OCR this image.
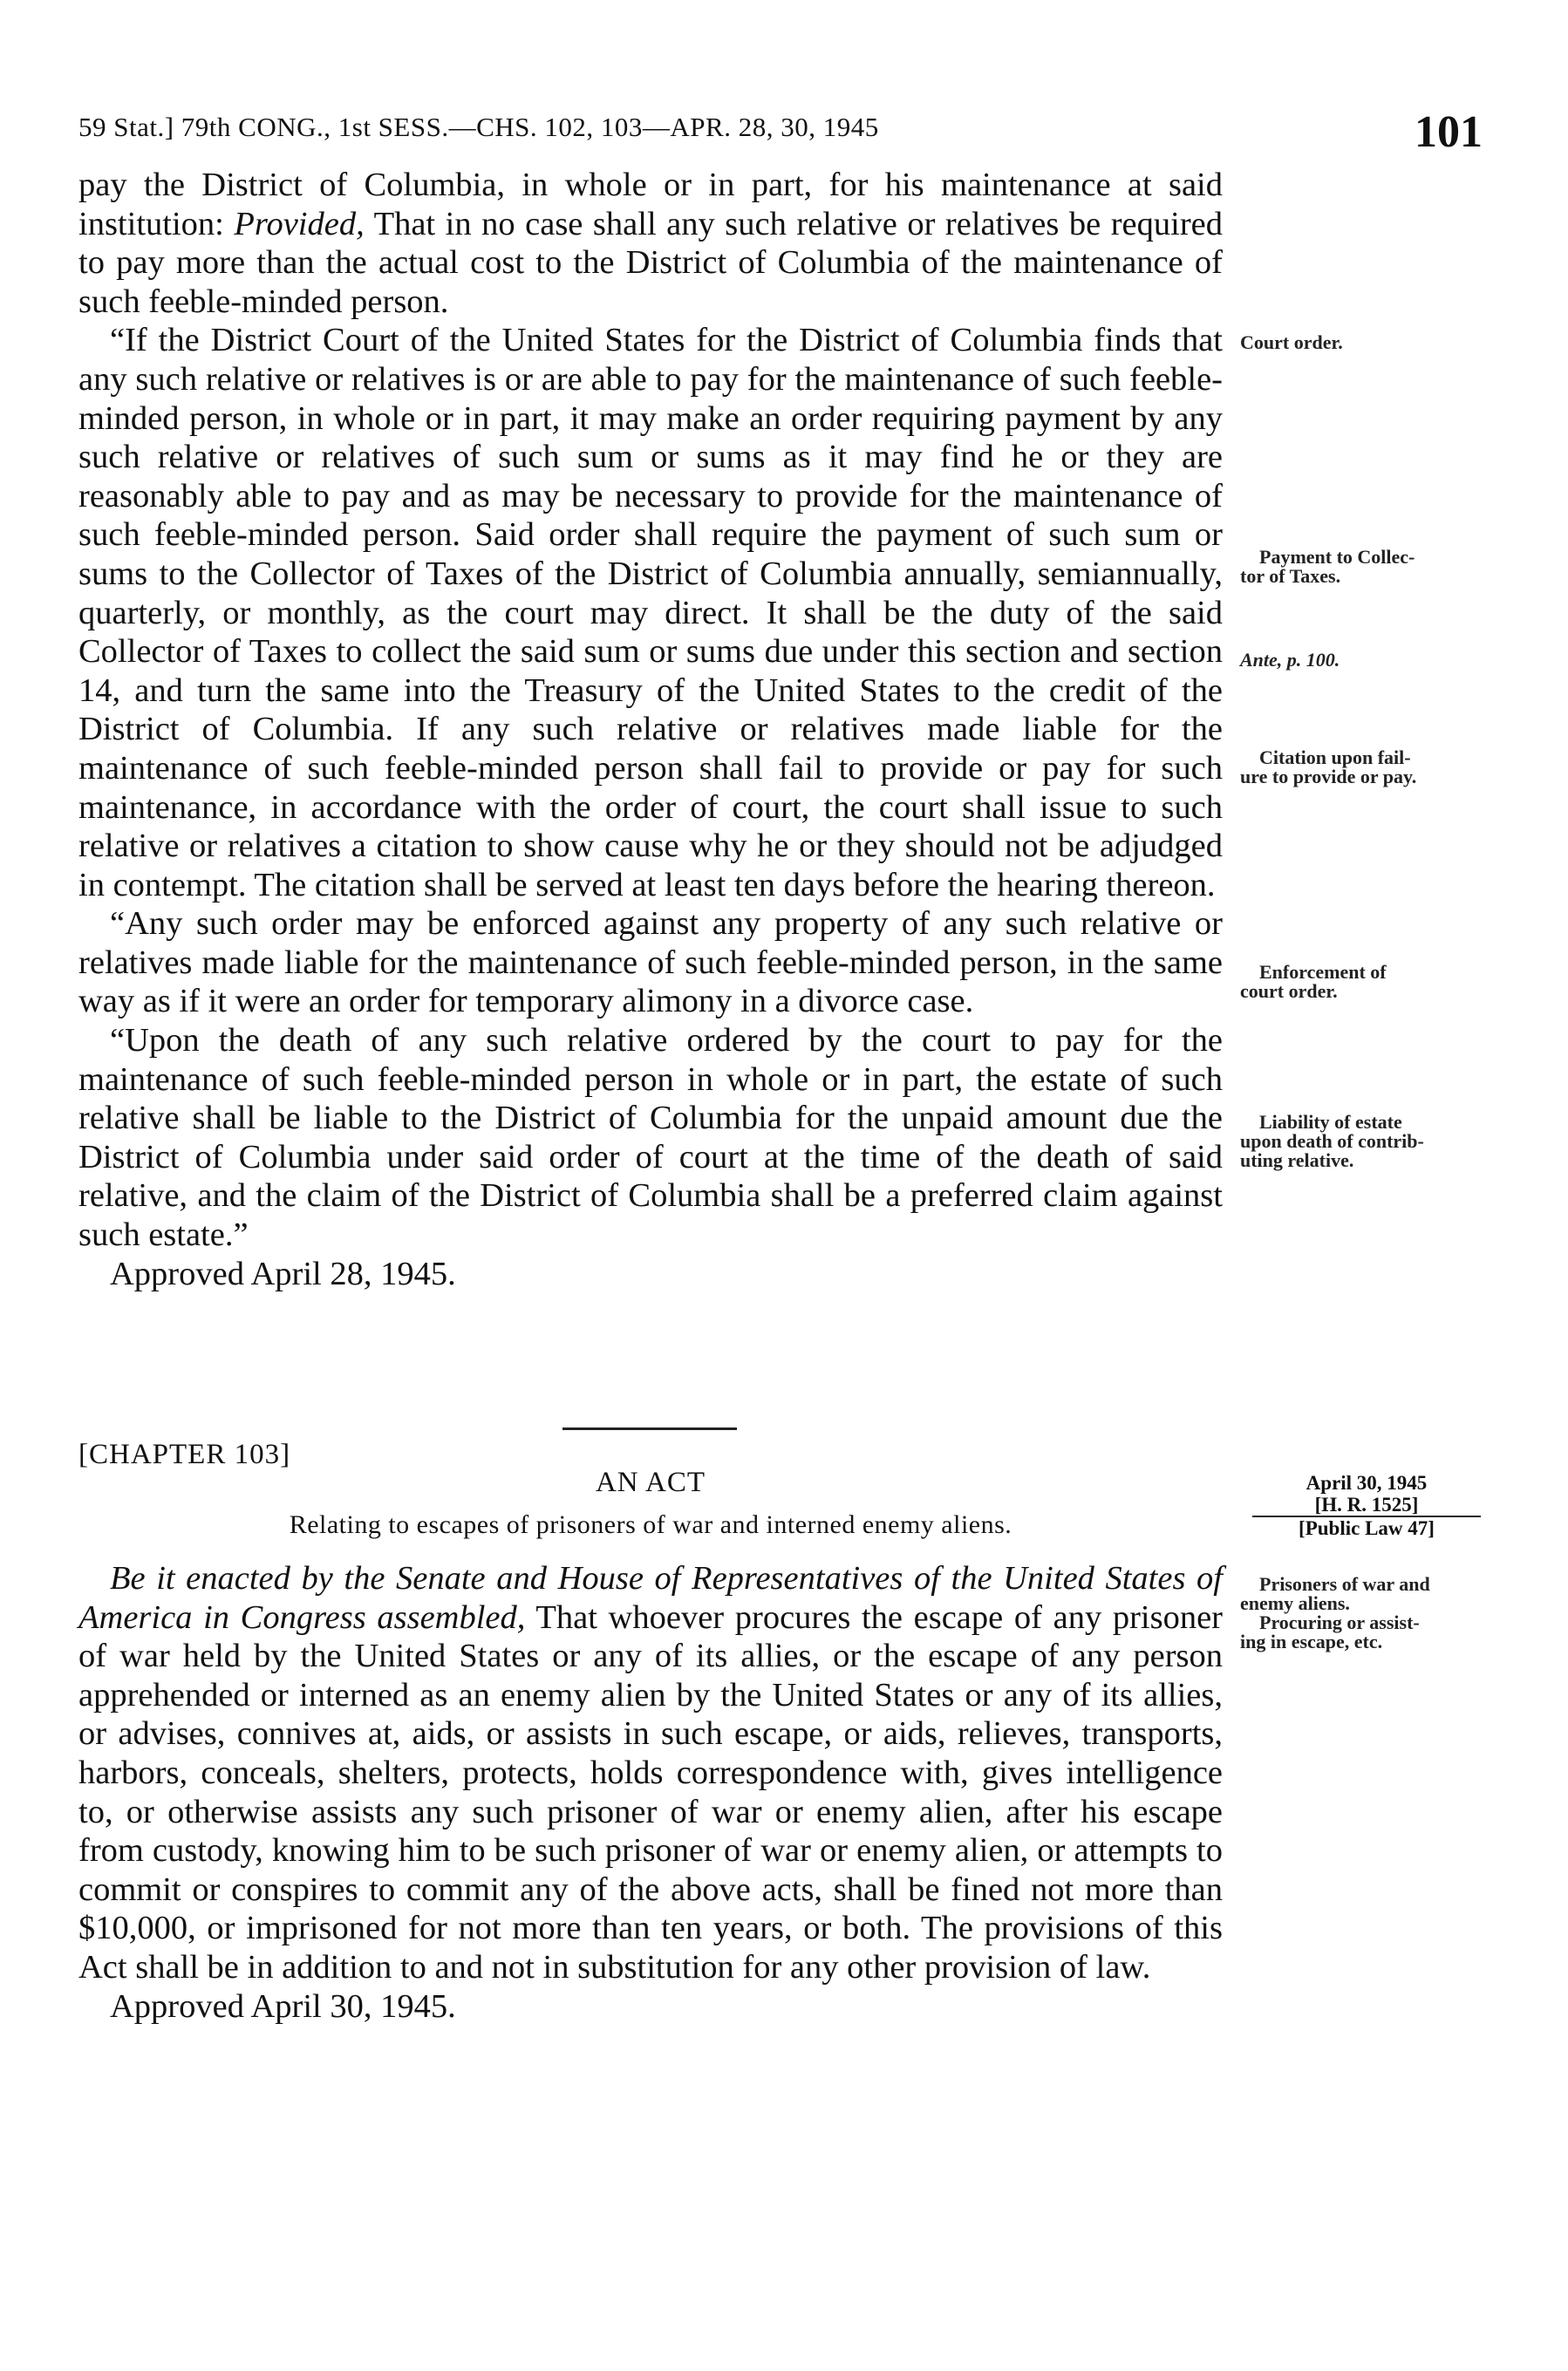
59 Stat.] 79th CONG., 1st SESS.—CHS. 102, 103—APR. 28, 30, 1945	101

pay the District of Columbia, in whole or in part, for his maintenance at said institution: Provided, That in no case shall any such relative or relatives be required to pay more than the actual cost to the District of Columbia of the maintenance of such feeble-minded person.

“If the District Court of the United States for the District of Columbia finds that any such relative or relatives is or are able to pay for the maintenance of such feeble-minded person, in whole or in part, it may make an order requiring payment by any such relative or relatives of such sum or sums as it may find he or they are reasonably able to pay and as may be necessary to provide for the maintenance of such feeble-minded person. Said order shall require the payment of such sum or sums to the Collector of Taxes of the District of Columbia annually, semiannually, quarterly, or monthly, as the court may direct. It shall be the duty of the said Collector of Taxes to collect the said sum or sums due under this section and section 14, and turn the same into the Treasury of the United States to the credit of the District of Columbia. If any such relative or relatives made liable for the maintenance of such feeble-minded person shall fail to provide or pay for such maintenance, in accordance with the order of court, the court shall issue to such relative or relatives a citation to show cause why he or they should not be adjudged in contempt. The citation shall be served at least ten days before the hearing thereon.

“Any such order may be enforced against any property of any such relative or relatives made liable for the maintenance of such feeble-minded person, in the same way as if it were an order for temporary alimony in a divorce case.

“Upon the death of any such relative ordered by the court to pay for the maintenance of such feeble-minded person in whole or in part, the estate of such relative shall be liable to the District of Columbia for the unpaid amount due the District of Columbia under said order of court at the time of the death of said relative, and the claim of the District of Columbia shall be a preferred claim against such estate.”

Approved April 28, 1945.

Court order.
Payment to Collec-
tor of Taxes.
Ante, p. 100.
Citation upon fail-
ure to provide or pay.
Enforcement of
court order.
Liability of estate
upon death of contrib-
uting relative.
[CHAPTER 103]
AN ACT
Relating to escapes of prisoners of war and interned enemy aliens.
April 30, 1945

[H. R. 1525]
[Public Law 47]

Be it enacted by the Senate and House of Representatives of the United States of America in Congress assembled, That whoever procures the escape of any prisoner of war held by the United States or any of its allies, or the escape of any person apprehended or interned as an enemy alien by the United States or any of its allies, or advises, connives at, aids, or assists in such escape, or aids, relieves, transports, harbors, conceals, shelters, protects, holds correspondence with, gives intelligence to, or otherwise assists any such prisoner of war or enemy alien, after his escape from custody, knowing him to be such prisoner of war or enemy alien, or attempts to commit or conspires to commit any of the above acts, shall be fined not more than $10,000, or imprisoned for not more than ten years, or both. The provisions of this Act shall be in addition to and not in substitution for any other provision of law.

Approved April 30, 1945.

Prisoners of war and
enemy aliens.
Procuring or assist-
ing in escape, etc.
